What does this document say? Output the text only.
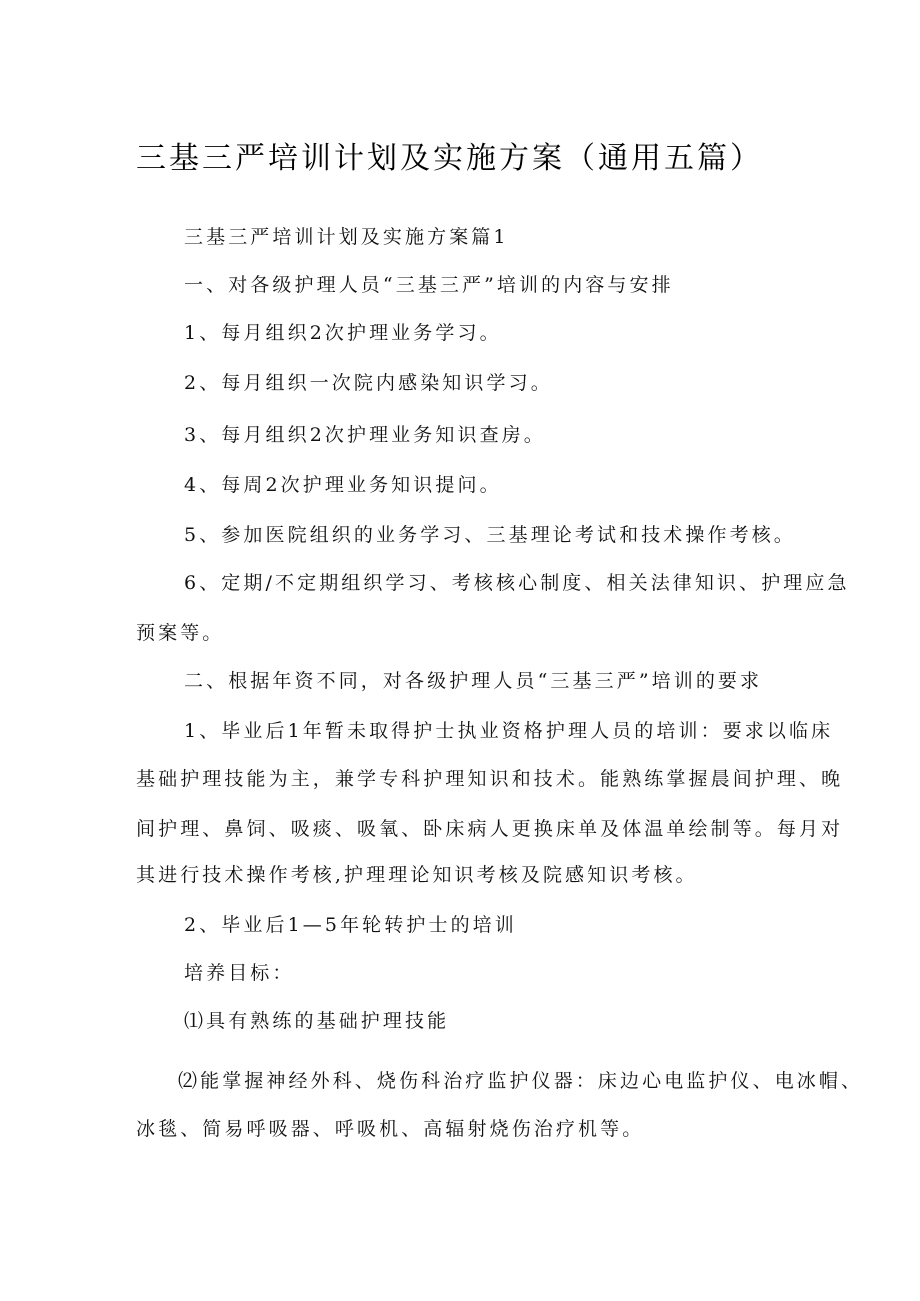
三基三严培训计划及实施方案（通用五篇）

三基三严培训计划及实施方案篇1

一、对各级护理人员“三基三严”培训的内容与安排

1、每月组织2次护理业务学习。

2、每月组织一次院内感染知识学习。

3、每月组织2次护理业务知识查房。

4、每周2次护理业务知识提问。

5、参加医院组织的业务学习、三基理论考试和技术操作考核。

6、定期/不定期组织学习、考核核心制度、相关法律知识、护理应急

预案等。

二、根据年资不同，对各级护理人员“三基三严”培训的要求

1、毕业后1年暂未取得护士执业资格护理人员的培训：要求以临床

基础护理技能为主，兼学专科护理知识和技术。能熟练掌握晨间护理、晚

间护理、鼻饲、吸痰、吸氧、卧床病人更换床单及体温单绘制等。每月对

其进行技术操作考核,护理理论知识考核及院感知识考核。

2、毕业后1—5年轮转护士的培训

培养目标：

⑴具有熟练的基础护理技能

⑵能掌握神经外科、烧伤科治疗监护仪器：床边心电监护仪、电冰帽、

冰毯、简易呼吸器、呼吸机、高辐射烧伤治疗机等。
